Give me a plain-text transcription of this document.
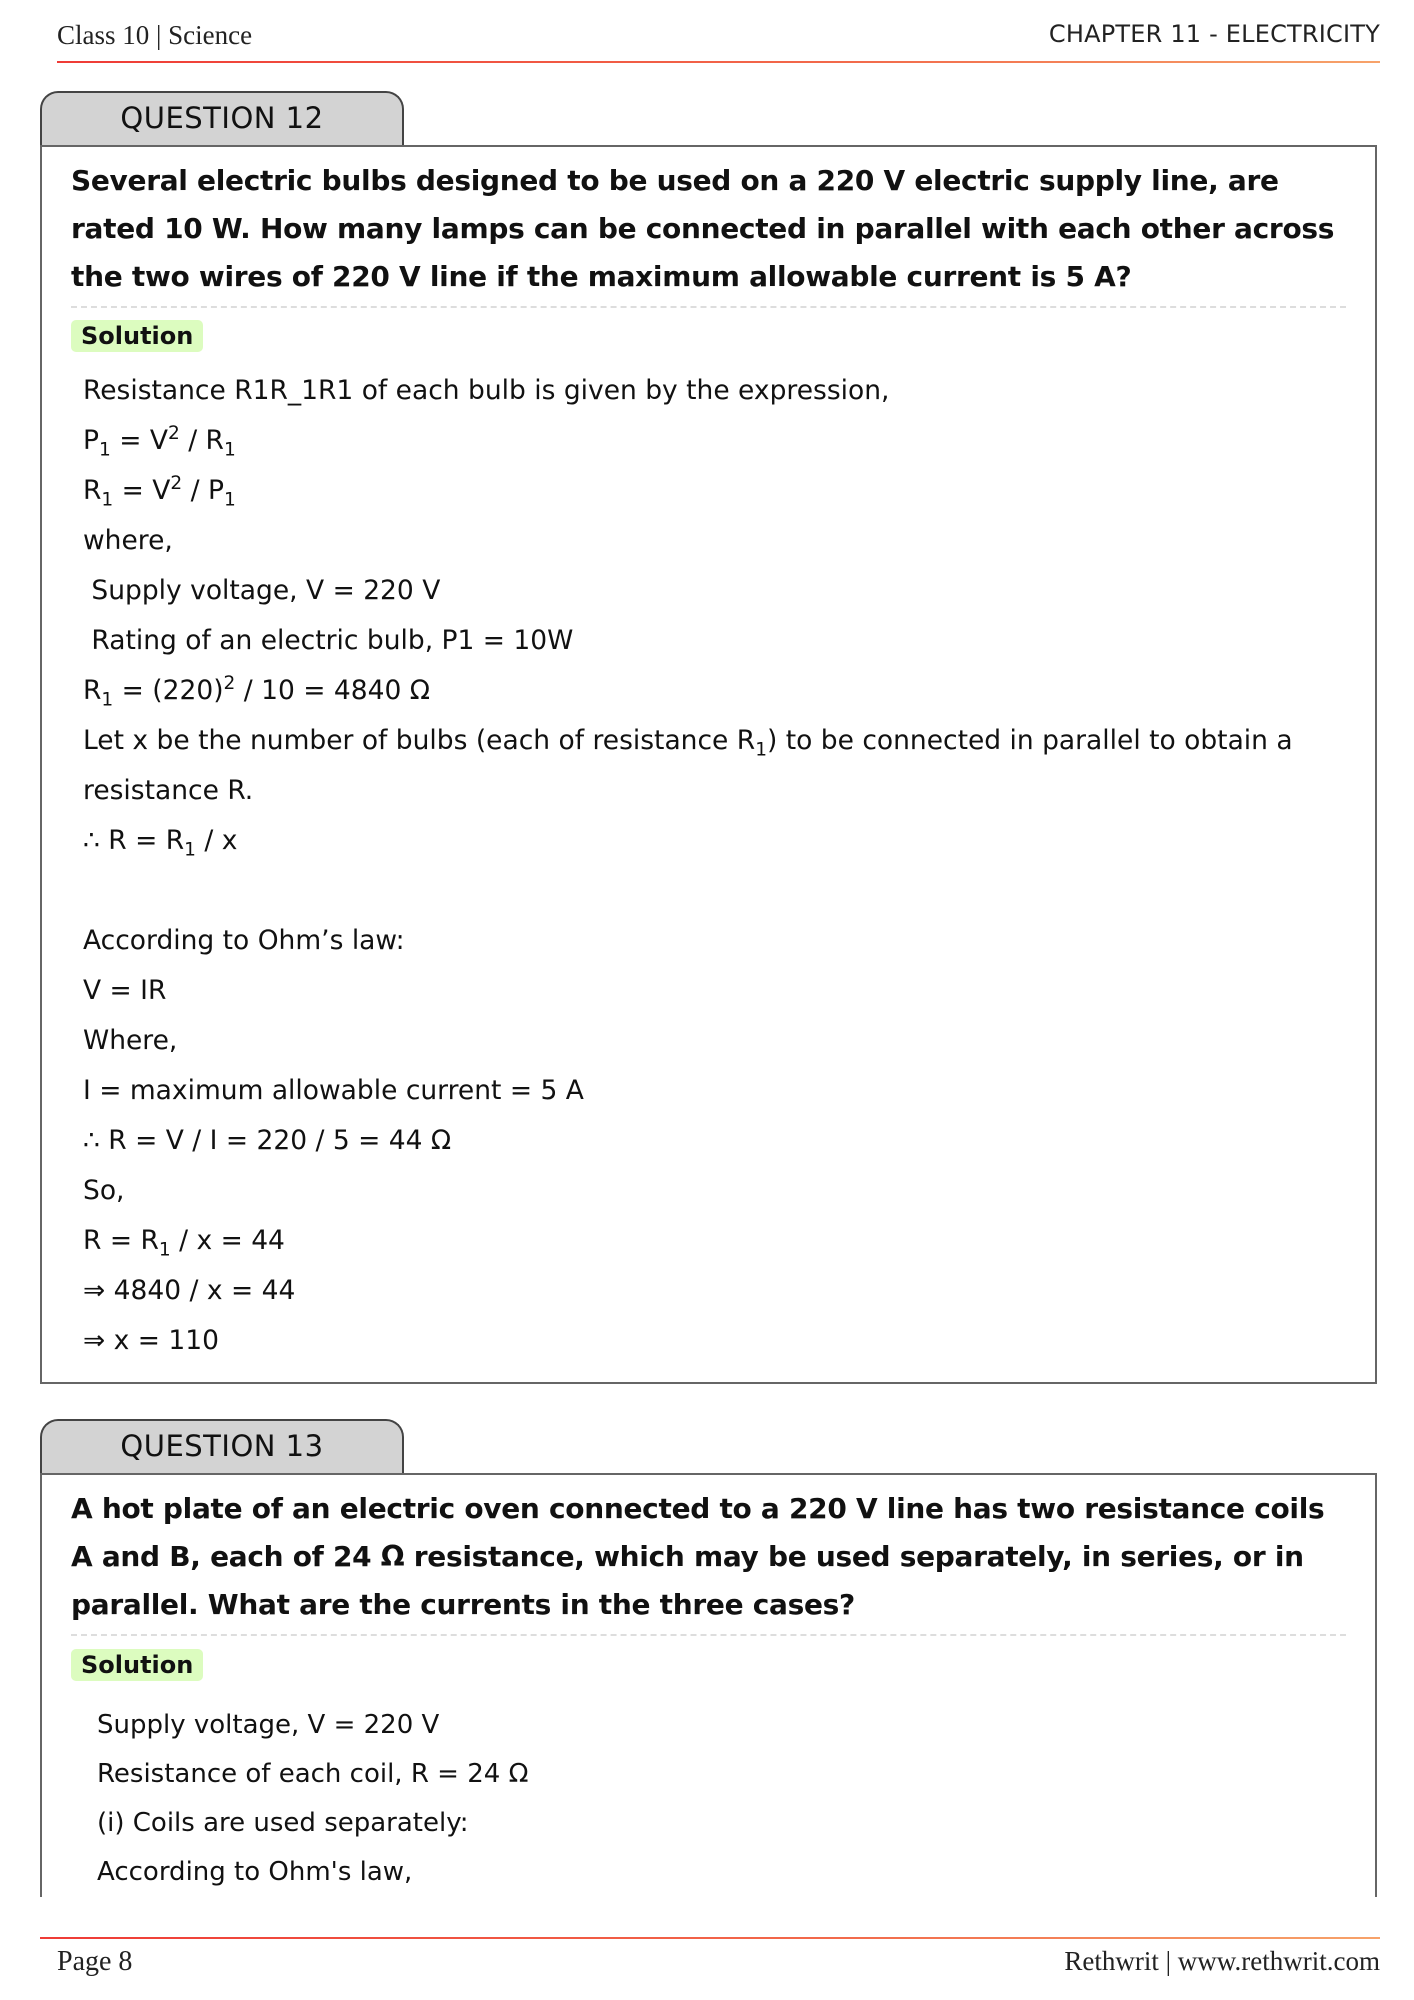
Class 10 | Science	CHAPTER 11 - ELECTRICITY
QUESTION 12
Several electric bulbs designed to be used on a 220 V electric supply line, are rated 10 W. How many lamps can be connected in parallel with each other across the two wires of 220 V line if the maximum allowable current is 5 A?
Solution
Resistance R1R_1R1 of each bulb is given by the expression,
$P_1 = V^2 / R_1$
$R_1 = V^2 / P_1$
where,
Supply voltage, V = 220 V
Rating of an electric bulb, P1 = 10W
$R_1 = (220)^2 / 10 = 4840$ Ω
Let x be the number of bulbs (each of resistance $R_1$) to be connected in parallel to obtain a resistance R.
∴ $R = R_1 / x$
According to Ohm’s law:
V = IR
Where,
I = maximum allowable current = 5 A
∴ R = V / I = 220 / 5 = 44 Ω
So,
$R = R_1 / x = 44$
⇒ 4840 / x = 44
⇒ x = 110
QUESTION 13
A hot plate of an electric oven connected to a 220 V line has two resistance coils A and B, each of 24 Ω resistance, which may be used separately, in series, or in parallel. What are the currents in the three cases?
Solution
Supply voltage, V = 220 V
Resistance of each coil, R = 24 Ω
(i) Coils are used separately:
According to Ohm's law,
Page 8	Rethwrit | www.rethwrit.com
